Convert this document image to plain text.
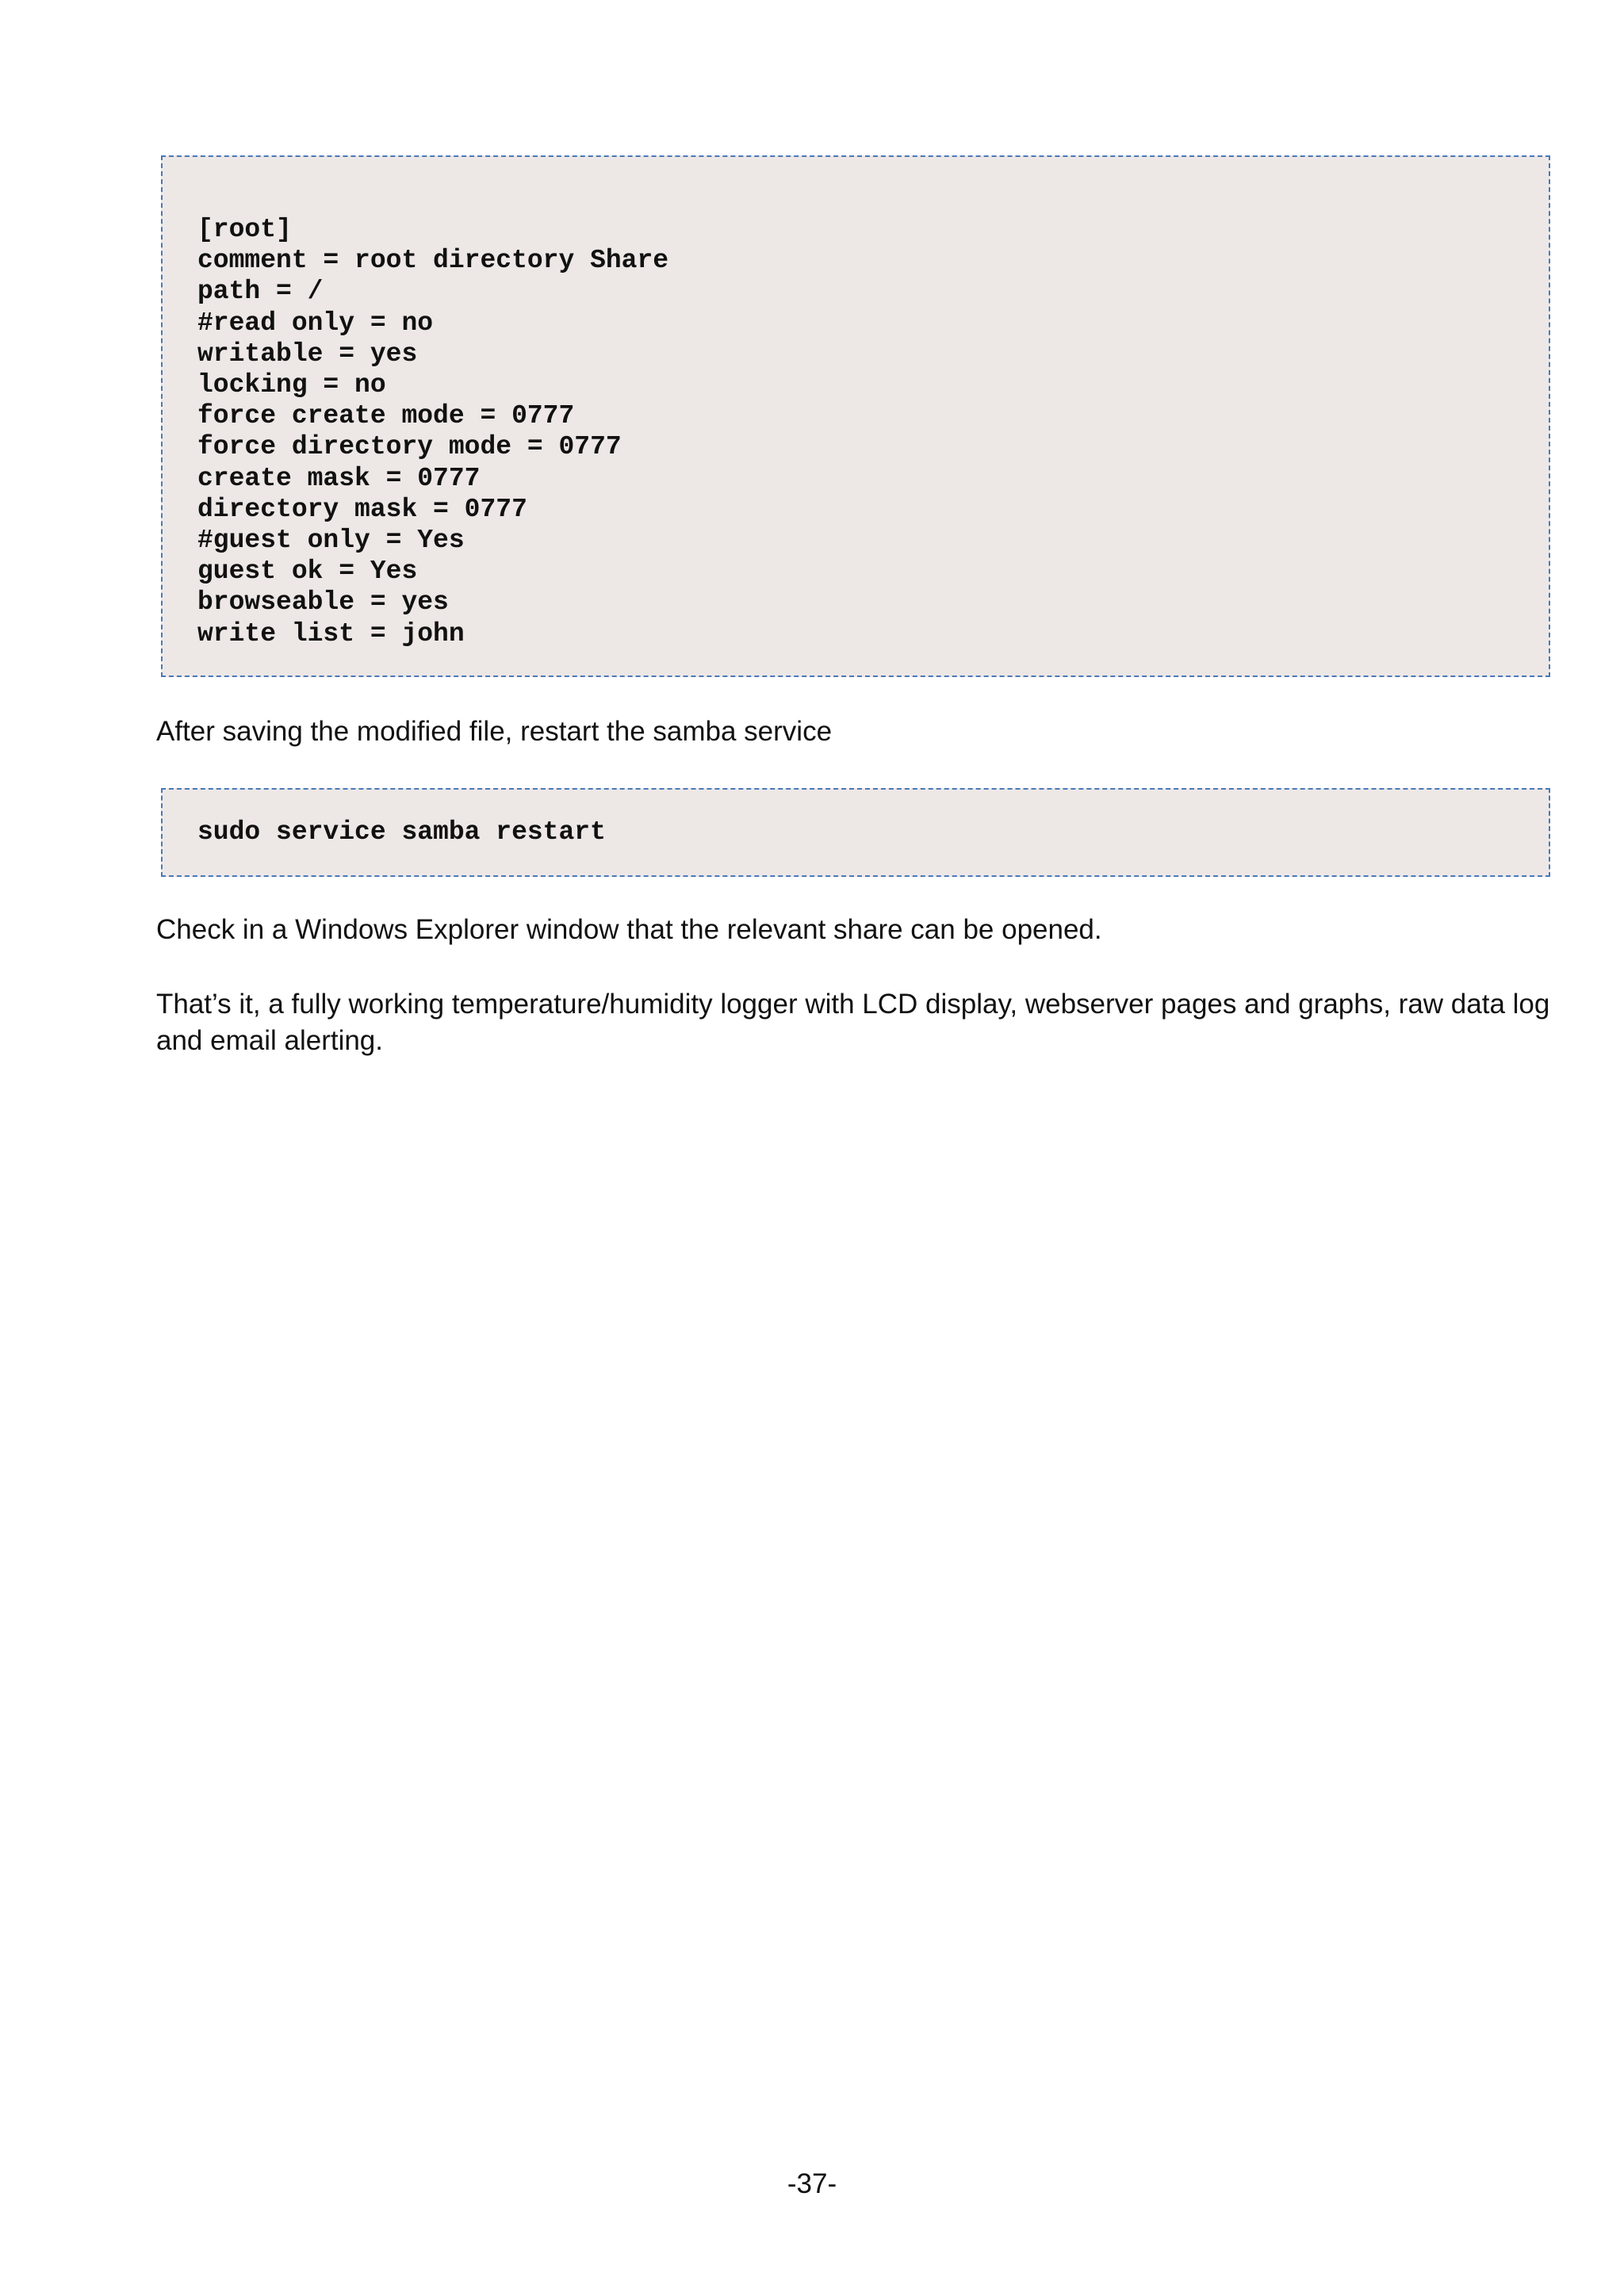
[root]
comment = root directory Share
path = /
#read only = no
writable = yes
locking = no
force create mode = 0777
force directory mode = 0777
create mask = 0777
directory mask = 0777
#guest only = Yes
guest ok = Yes
browseable = yes
write list = john

After saving the modified file, restart the samba service

sudo service samba restart

Check in a Windows Explorer window that the relevant share can be opened.

That’s it, a fully working temperature/humidity logger with LCD display, webserver pages and graphs, raw data log and email alerting.

-37-
